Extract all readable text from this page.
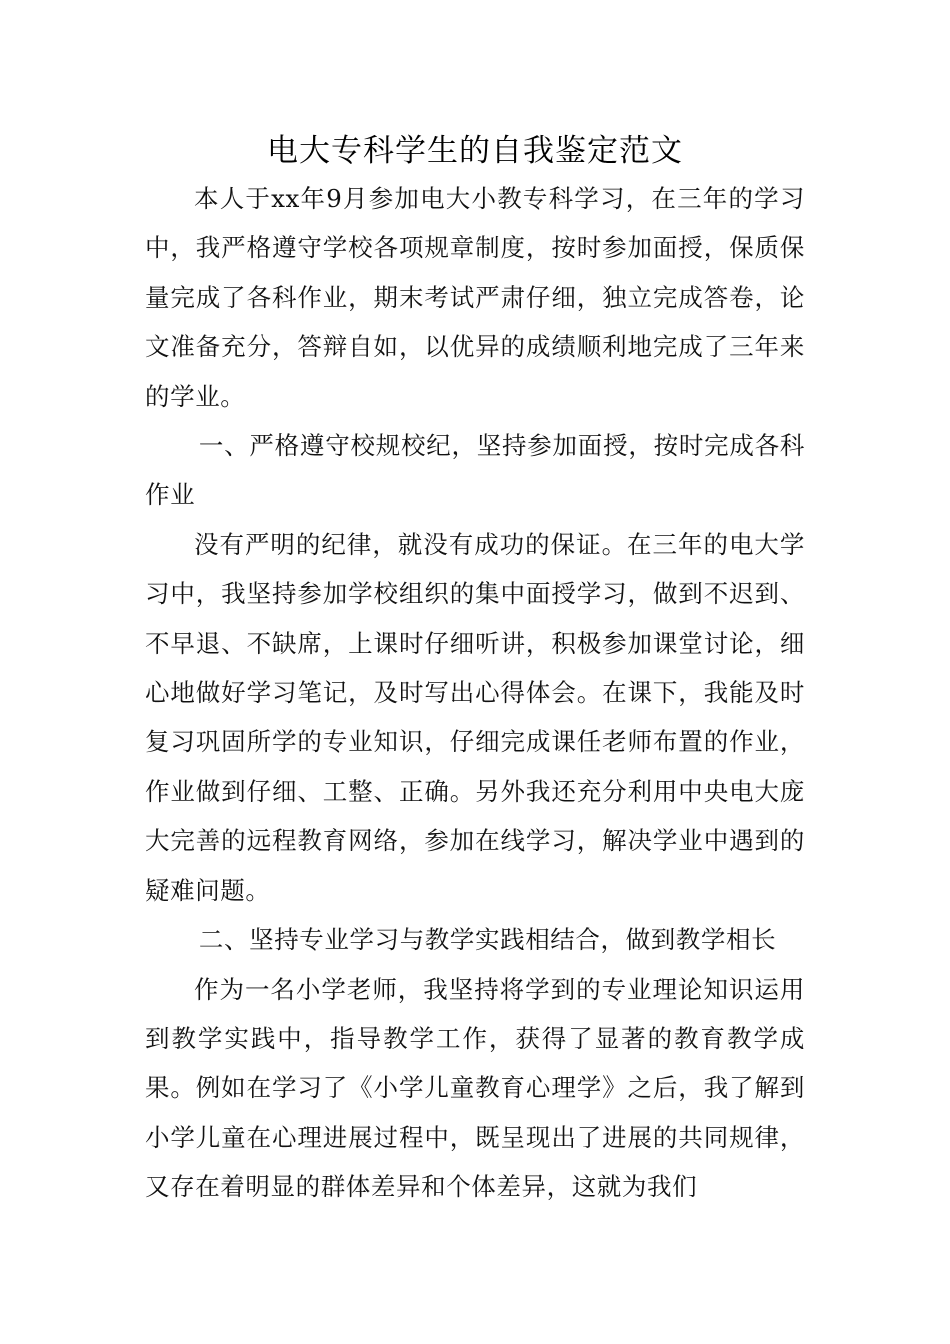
电大专科学生的自我鉴定范文

本人于xx年9月参加电大小教专科学习，在三年的学习中，我严格遵守学校各项规章制度，按时参加面授，保质保量完成了各科作业，期末考试严肃仔细，独立完成答卷，论文准备充分，答辩自如，以优异的成绩顺利地完成了三年来的学业。

一、严格遵守校规校纪，坚持参加面授，按时完成各科作业

没有严明的纪律，就没有成功的保证。在三年的电大学习中，我坚持参加学校组织的集中面授学习，做到不迟到、不早退、不缺席，上课时仔细听讲，积极参加课堂讨论，细心地做好学习笔记，及时写出心得体会。在课下，我能及时复习巩固所学的专业知识，仔细完成课任老师布置的作业，作业做到仔细、工整、正确。另外我还充分利用中央电大庞大完善的远程教育网络，参加在线学习，解决学业中遇到的疑难问题。

二、坚持专业学习与教学实践相结合，做到教学相长

作为一名小学老师，我坚持将学到的专业理论知识运用到教学实践中，指导教学工作，获得了显著的教育教学成果。例如在学习了《小学儿童教育心理学》之后，我了解到小学儿童在心理进展过程中，既呈现出了进展的共同规律，又存在着明显的群体差异和个体差异，这就为我们
